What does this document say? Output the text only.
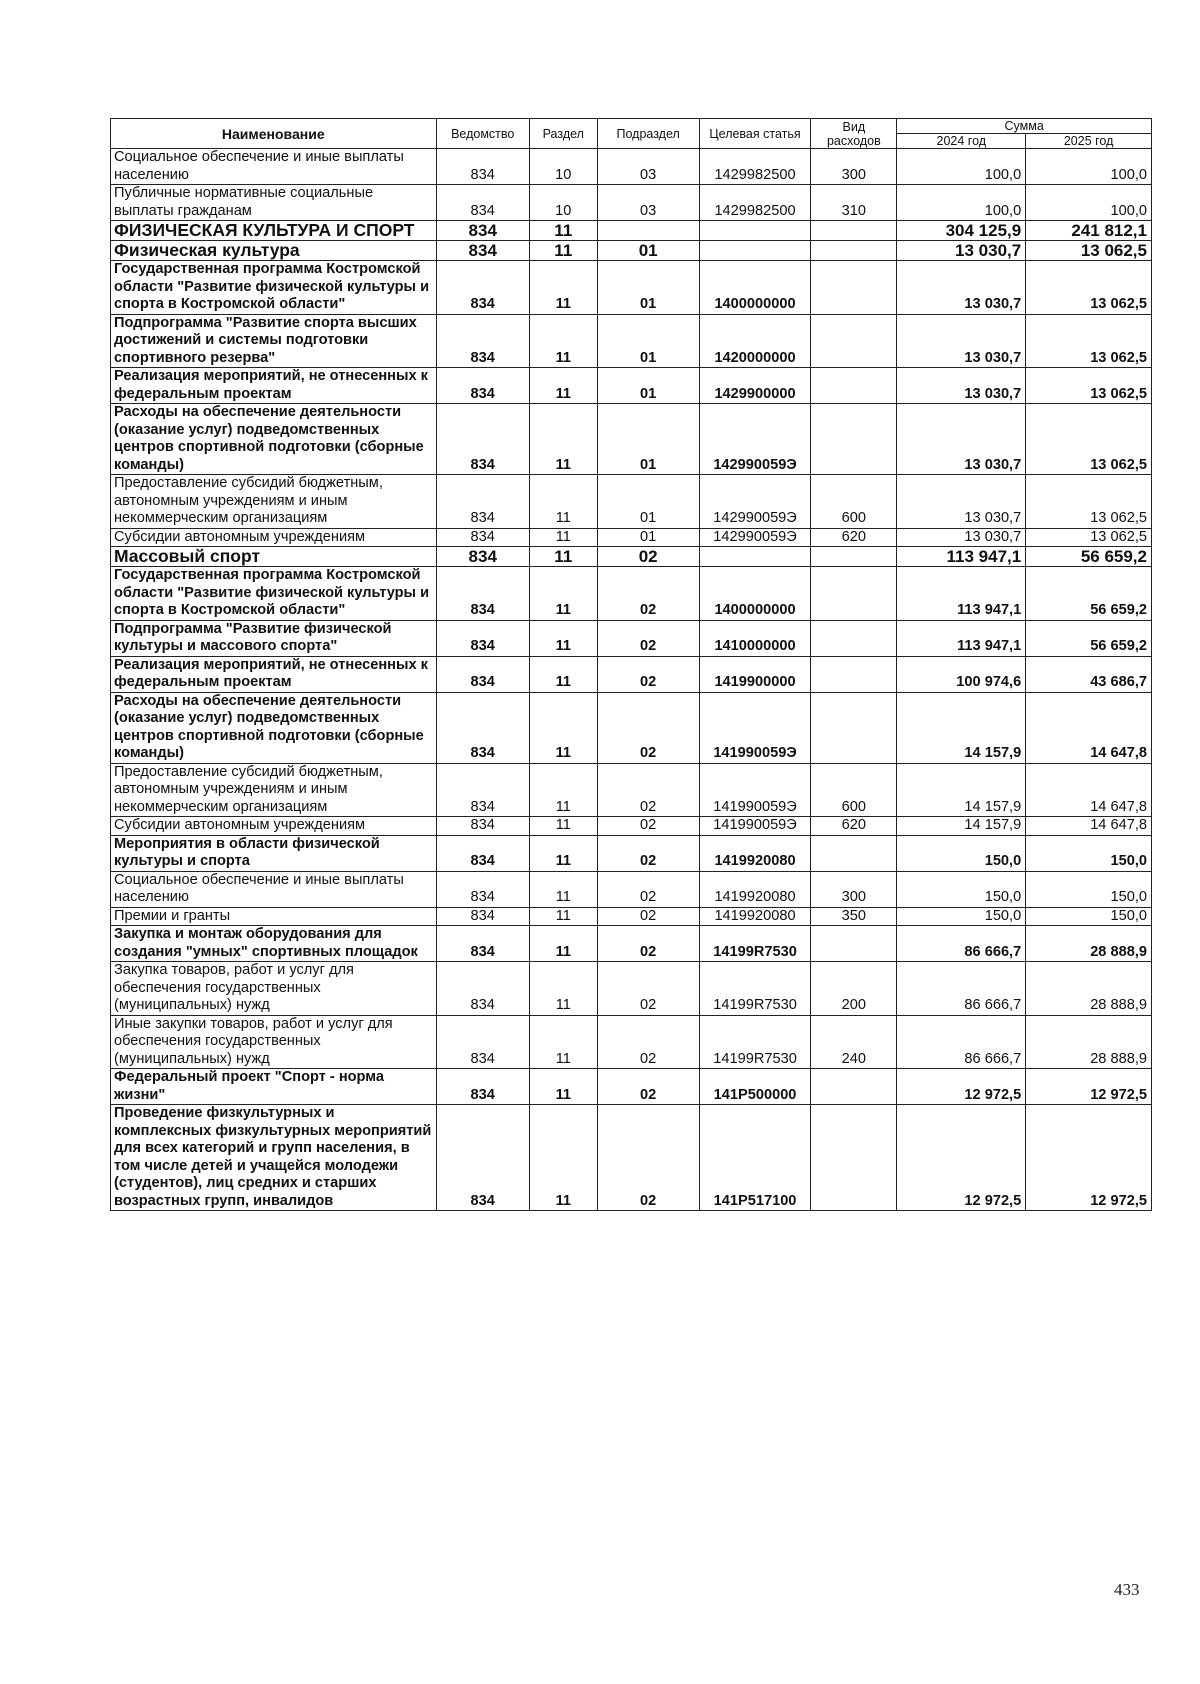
Наименование	Ведомство	Раздел	Подраздел	Целевая статья	Вид расходов	Сумма	
						2024 год	2025 год
Социальное обеспечение и иные выплаты населению	834	10	03	1429982500	300	100,0	100,0
Публичные нормативные социальные выплаты гражданам	834	10	03	1429982500	310	100,0	100,0
ФИЗИЧЕСКАЯ КУЛЬТУРА И СПОРТ	834	11				304 125,9	241 812,1
Физическая культура	834	11	01			13 030,7	13 062,5
Государственная программа Костромской области "Развитие физической культуры и спорта в Костромской области"	834	11	01	1400000000		13 030,7	13 062,5
Подпрограмма "Развитие спорта высших достижений и системы подготовки спортивного резерва"	834	11	01	1420000000		13 030,7	13 062,5
Реализация мероприятий, не отнесенных к федеральным проектам	834	11	01	1429900000		13 030,7	13 062,5
Расходы на обеспечение деятельности (оказание услуг) подведомственных центров спортивной подготовки (сборные команды)	834	11	01	142990059Э		13 030,7	13 062,5
Предоставление субсидий бюджетным, автономным учреждениям и иным некоммерческим организациям	834	11	01	142990059Э	600	13 030,7	13 062,5
Субсидии автономным учреждениям	834	11	01	142990059Э	620	13 030,7	13 062,5
Массовый спорт	834	11	02			113 947,1	56 659,2
Государственная программа Костромской области "Развитие физической культуры и спорта в Костромской области"	834	11	02	1400000000		113 947,1	56 659,2
Подпрограмма "Развитие физической культуры и массового спорта"	834	11	02	1410000000		113 947,1	56 659,2
Реализация мероприятий, не отнесенных к федеральным проектам	834	11	02	1419900000		100 974,6	43 686,7
Расходы на обеспечение деятельности (оказание услуг) подведомственных центров спортивной подготовки (сборные команды)	834	11	02	141990059Э		14 157,9	14 647,8
Предоставление субсидий бюджетным, автономным учреждениям и иным некоммерческим организациям	834	11	02	141990059Э	600	14 157,9	14 647,8
Субсидии автономным учреждениям	834	11	02	141990059Э	620	14 157,9	14 647,8
Мероприятия в области физической культуры и спорта	834	11	02	1419920080		150,0	150,0
Социальное обеспечение и иные выплаты населению	834	11	02	1419920080	300	150,0	150,0
Премии и гранты	834	11	02	1419920080	350	150,0	150,0
Закупка и монтаж оборудования для создания "умных" спортивных площадок	834	11	02	14199R7530		86 666,7	28 888,9
Закупка товаров, работ и услуг для обеспечения государственных (муниципальных) нужд	834	11	02	14199R7530	200	86 666,7	28 888,9
Иные закупки товаров, работ и услуг для обеспечения государственных (муниципальных) нужд	834	11	02	14199R7530	240	86 666,7	28 888,9
Федеральный проект "Спорт - норма жизни"	834	11	02	141P500000		12 972,5	12 972,5
Проведение физкультурных и комплексных физкультурных мероприятий для всех категорий и групп населения, в том числе детей и учащейся молодежи (студентов), лиц средних и старших возрастных групп, инвалидов	834	11	02	141P517100		12 972,5	12 972,5
433
